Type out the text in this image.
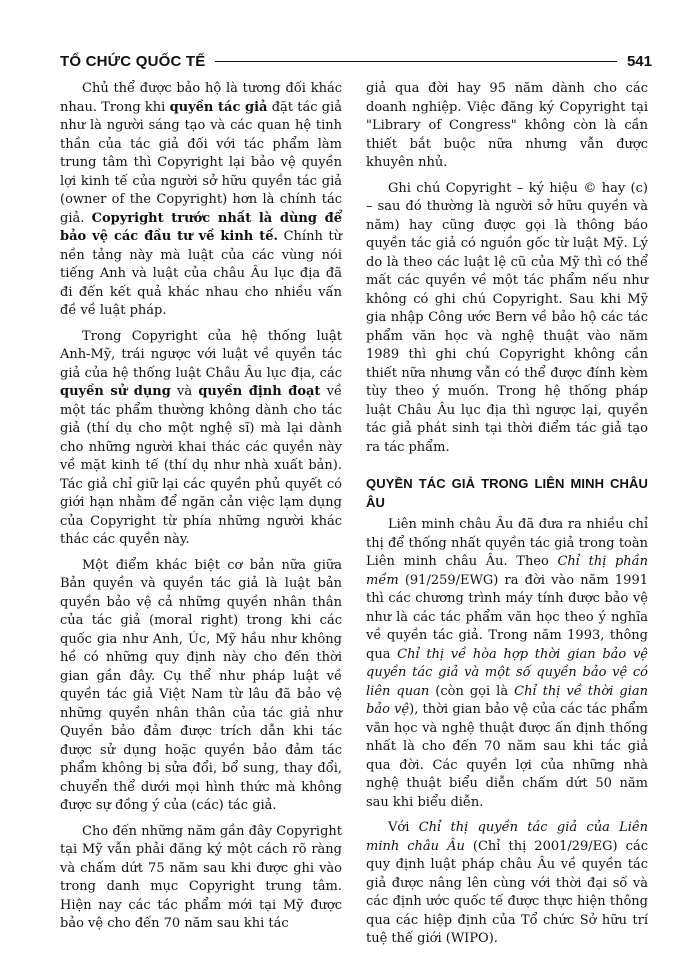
TỔ CHỨC QUỐC TẾ	541

Chủ thể được bảo hộ là tương đối khác nhau. Trong khi quyền tác giả đặt tác giả như là người sáng tạo và các quan hệ tinh thần của tác giả đối với tác phẩm làm trung tâm thì Copyright lại bảo vệ quyền lợi kinh tế của người sở hữu quyền tác giả (owner of the Copyright) hơn là chính tác giả. Copyright trước nhất là dùng để bảo vệ các đầu tư về kinh tế. Chính từ nền tảng này mà luật của các vùng nói tiếng Anh và luật của châu Âu lục địa đã đi đến kết quả khác nhau cho nhiều vấn đề về luật pháp.

Trong Copyright của hệ thống luật Anh-Mỹ, trái ngược với luật về quyền tác giả của hệ thống luật Châu Âu lục địa, các quyền sử dụng và quyền định đoạt về một tác phẩm thường không dành cho tác giả (thí dụ cho một nghệ sĩ) mà lại dành cho những người khai thác các quyền này về mặt kinh tế (thí dụ như nhà xuất bản). Tác giả chỉ giữ lại các quyền phủ quyết có giới hạn nhằm để ngăn cản việc lạm dụng của Copyright từ phía những người khác thác các quyền này.

Một điểm khác biệt cơ bản nữa giữa Bản quyền và quyền tác giả là luật bản quyền bảo vệ cả những quyền nhân thân của tác giả (moral right) trong khi các quốc gia như Anh, Úc, Mỹ hầu như không hề có những quy định này cho đến thời gian gần đây. Cụ thể như pháp luật về quyền tác giả Việt Nam từ lâu đã bảo vệ những quyền nhân thân của tác giả như Quyền bảo đảm được trích dẫn khi tác được sử dụng hoặc quyền bảo đảm tác phẩm không bị sửa đổi, bổ sung, thay đổi, chuyển thể dưới mọi hình thức mà không được sự đồng ý của (các) tác giả.

Cho đến những năm gần đây Copyright tại Mỹ vẫn phải đăng ký một cách rõ ràng và chấm dứt 75 năm sau khi được ghi vào trong danh mục Copyright trung tâm. Hiện nay các tác phẩm mới tại Mỹ được bảo vệ cho đến 70 năm sau khi tác

giả qua đời hay 95 năm dành cho các doanh nghiệp. Việc đăng ký Copyright tại "Library of Congress" không còn là cần thiết bắt buộc nữa nhưng vẫn được khuyên nhủ.

Ghi chú Copyright – ký hiệu © hay (c) – sau đó thường là người sở hữu quyền và năm) hay cũng được gọi là thông báo quyền tác giả có nguồn gốc từ luật Mỹ. Lý do là theo các luật lệ cũ của Mỹ thì có thể mất các quyền về một tác phẩm nếu như không có ghi chú Copyright. Sau khi Mỹ gia nhập Công ước Bern về bảo hộ các tác phẩm văn học và nghệ thuật vào năm 1989 thì ghi chú Copyright không cần thiết nữa nhưng vẫn có thể được đính kèm tùy theo ý muốn. Trong hệ thống pháp luật Châu Âu lục địa thì ngược lại, quyền tác giả phát sinh tại thời điểm tác giả tạo ra tác phẩm.

QUYỀN TÁC GIẢ TRONG LIÊN MINH CHÂU ÂU

Liên minh châu Âu đã đưa ra nhiều chỉ thị để thống nhất quyền tác giả trong toàn Liên minh châu Âu. Theo Chỉ thị phần mềm (91/259/EWG) ra đời vào năm 1991 thì các chương trình máy tính được bảo vệ như là các tác phẩm văn học theo ý nghĩa về quyền tác giả. Trong năm 1993, thông qua Chỉ thị về hòa hợp thời gian bảo vệ quyền tác giả và một số quyền bảo vệ có liên quan (còn gọi là Chỉ thị về thời gian bảo vệ), thời gian bảo vệ của các tác phẩm văn học và nghệ thuật được ấn định thống nhất là cho đến 70 năm sau khi tác giả qua đời. Các quyền lợi của những nhà nghệ thuật biểu diễn chấm dứt 50 năm sau khi biểu diễn.

Với Chỉ thị quyền tác giả của Liên minh châu Âu (Chỉ thị 2001/29/EG) các quy định luật pháp châu Âu về quyền tác giả được nâng lên cùng với thời đại số và các định ước quốc tế được thực hiện thông qua các hiệp định của Tổ chức Sở hữu trí tuệ thế giới (WIPO).
